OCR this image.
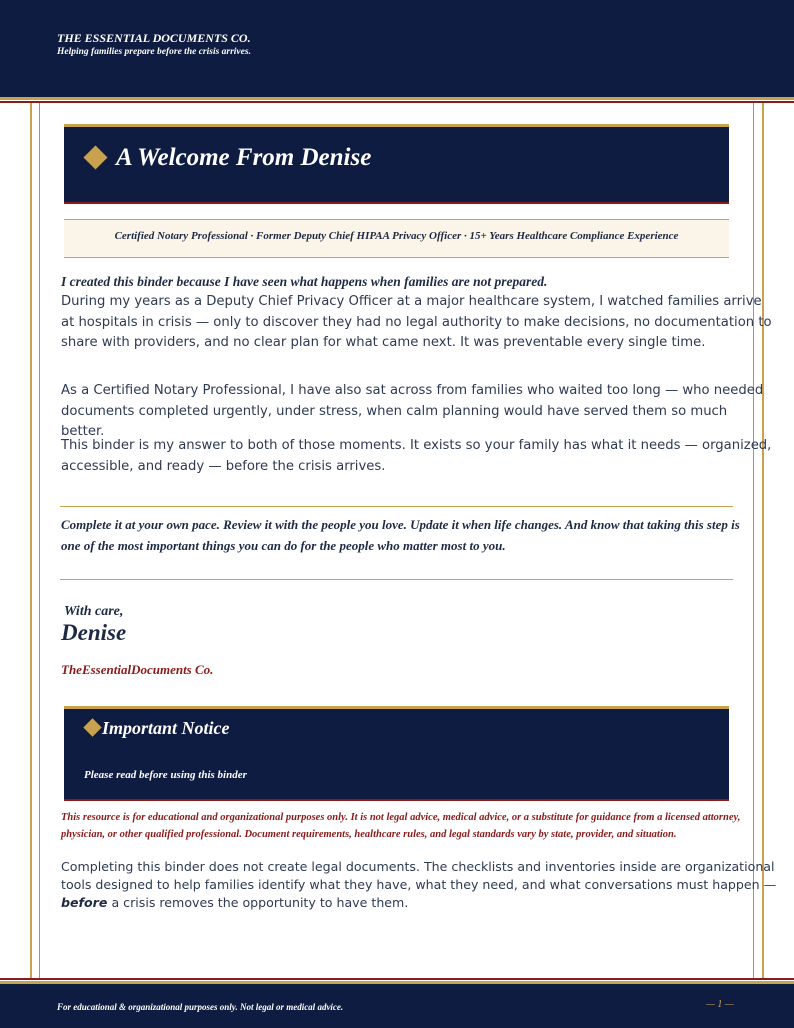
THE ESSENTIAL DOCUMENTS CO.
Helping families prepare before the crisis arrives.
A Welcome From Denise
Certified Notary Professional · Former Deputy Chief HIPAA Privacy Officer · 15+ Years Healthcare Compliance Experience
I created this binder because I have seen what happens when families are not prepared.
During my years as a Deputy Chief Privacy Officer at a major healthcare system, I watched families arrive at hospitals in crisis — only to discover they had no legal authority to make decisions, no documentation to share with providers, and no clear plan for what came next. It was preventable every single time.
As a Certified Notary Professional, I have also sat across from families who waited too long — who needed documents completed urgently, under stress, when calm planning would have served them so much better.
This binder is my answer to both of those moments. It exists so your family has what it needs — organized, accessible, and ready — before the crisis arrives.
Complete it at your own pace. Review it with the people you love. Update it when life changes. And know that taking this step is one of the most important things you can do for the people who matter most to you.
With care,
Denise
TheEssentialDocuments Co.
Important Notice
Please read before using this binder
This resource is for educational and organizational purposes only. It is not legal advice, medical advice, or a substitute for guidance from a licensed attorney, physician, or other qualified professional. Document requirements, healthcare rules, and legal standards vary by state, provider, and situation.
Completing this binder does not create legal documents. The checklists and inventories inside are organizational tools designed to help families identify what they have, what they need, and what conversations must happen — before a crisis removes the opportunity to have them.
For educational & organizational purposes only. Not legal or medical advice.	— 1 —
